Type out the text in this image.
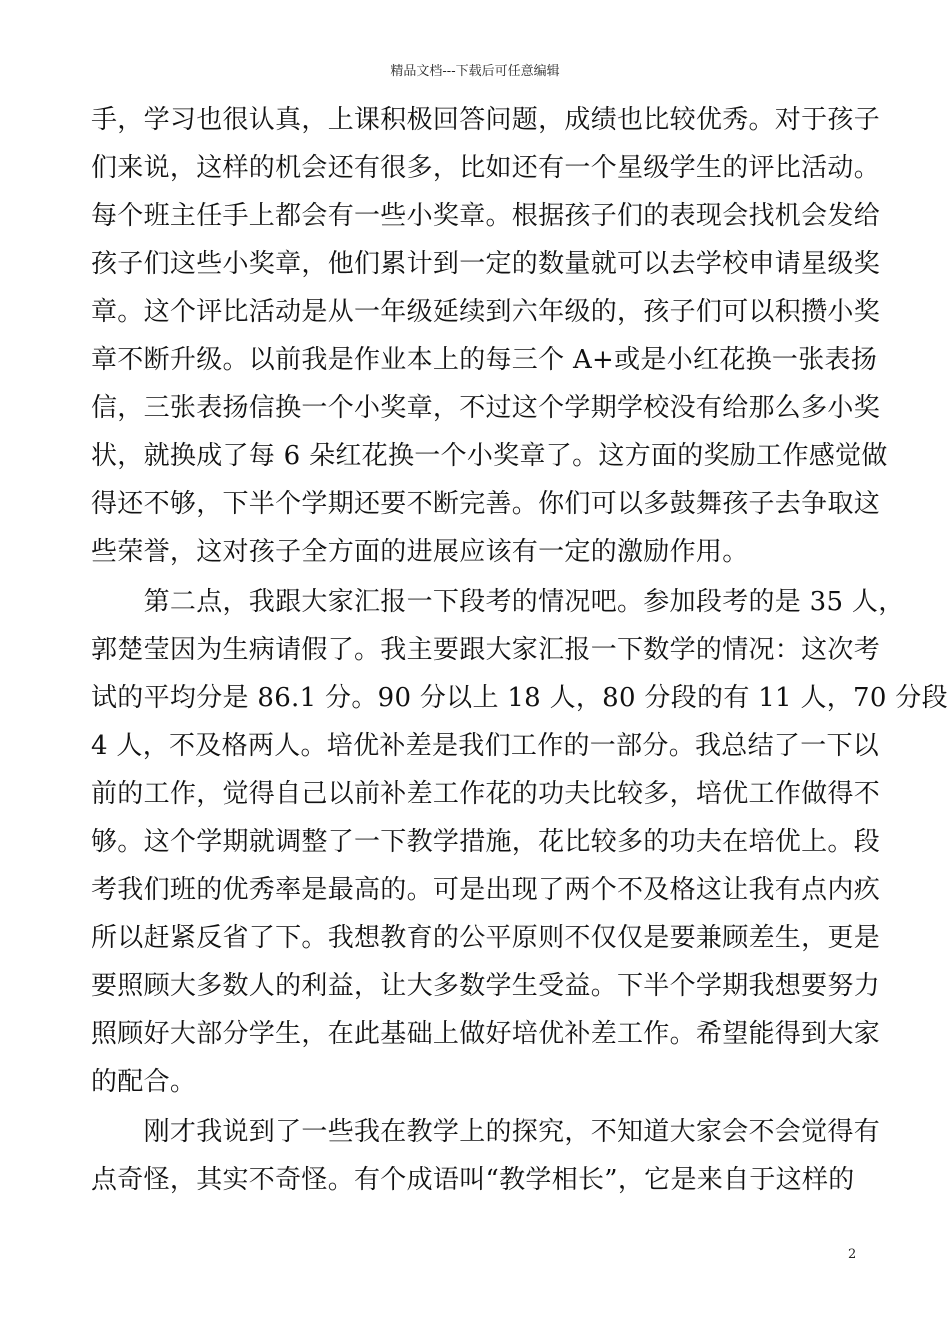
精品文档---下载后可任意编辑
手，学习也很认真，上课积极回答问题，成绩也比较优秀。对于孩子
们来说，这样的机会还有很多，比如还有一个星级学生的评比活动。
每个班主任手上都会有一些小奖章。根据孩子们的表现会找机会发给
孩子们这些小奖章，他们累计到一定的数量就可以去学校申请星级奖
章。这个评比活动是从一年级延续到六年级的，孩子们可以积攒小奖
章不断升级。以前我是作业本上的每三个 A+或是小红花换一张表扬
信，三张表扬信换一个小奖章，不过这个学期学校没有给那么多小奖
状，就换成了每 6 朵红花换一个小奖章了。这方面的奖励工作感觉做
得还不够，下半个学期还要不断完善。你们可以多鼓舞孩子去争取这
些荣誉，这对孩子全方面的进展应该有一定的激励作用。
　　第二点，我跟大家汇报一下段考的情况吧。参加段考的是 35 人，
郭楚莹因为生病请假了。我主要跟大家汇报一下数学的情况：这次考
试的平均分是 86.1 分。90 分以上 18 人，80 分段的有 11 人，70 分段
4 人，不及格两人。培优补差是我们工作的一部分。我总结了一下以
前的工作，觉得自己以前补差工作花的功夫比较多，培优工作做得不
够。这个学期就调整了一下教学措施，花比较多的功夫在培优上。段
考我们班的优秀率是最高的。可是出现了两个不及格这让我有点内疚
所以赶紧反省了下。我想教育的公平原则不仅仅是要兼顾差生，更是
要照顾大多数人的利益，让大多数学生受益。下半个学期我想要努力
照顾好大部分学生，在此基础上做好培优补差工作。希望能得到大家
的配合。
　　刚才我说到了一些我在教学上的探究，不知道大家会不会觉得有
点奇怪，其实不奇怪。有个成语叫“教学相长”，它是来自于这样的
2
